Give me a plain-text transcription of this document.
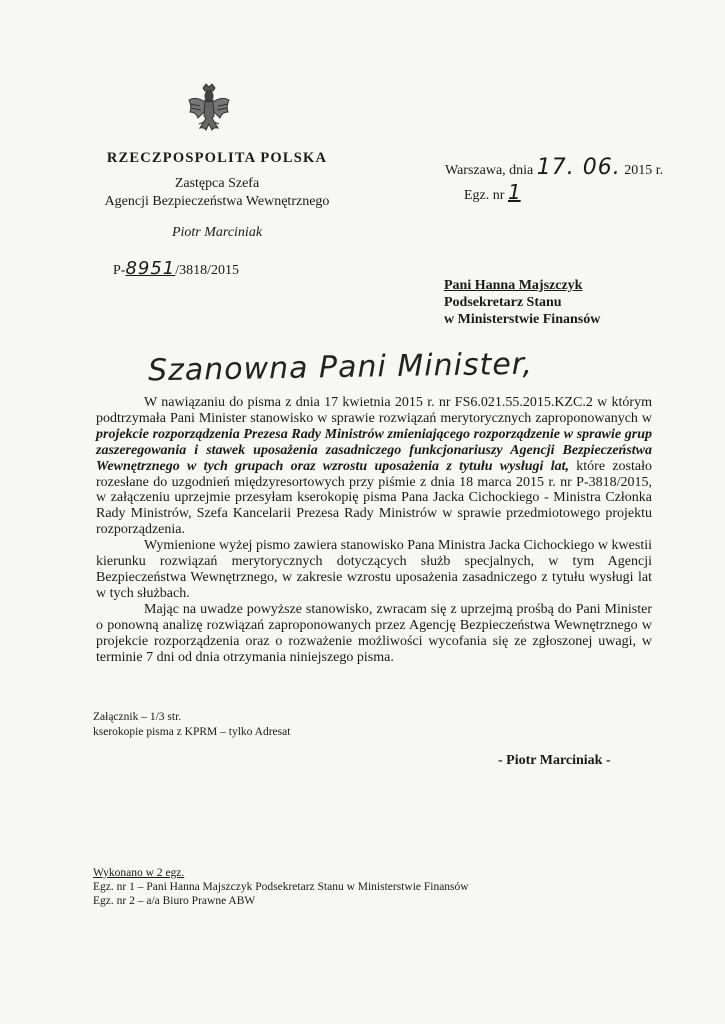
RZECZPOSPOLITA POLSKA
Zastępca Szefa
Agencji Bezpieczeństwa Wewnętrznego
Piotr Marciniak
P-8951/3818/2015
Warszawa, dnia 17. 06. 2015 r.
Egz. nr 1
Pani Hanna Majszczyk
Podsekretarz Stanu
w Ministerstwie Finansów
Szanowna Pani Minister,

W nawiązaniu do pisma z dnia 17 kwietnia 2015 r. nr FS6.021.55.2015.KZC.2 w którym podtrzymała Pani Minister stanowisko w sprawie rozwiązań merytorycznych zaproponowanych w projekcie rozporządzenia Prezesa Rady Ministrów zmieniającego rozporządzenie w sprawie grup zaszeregowania i stawek uposażenia zasadniczego funkcjonariuszy Agencji Bezpieczeństwa Wewnętrznego w tych grupach oraz wzrostu uposażenia z tytułu wysługi lat, które zostało rozesłane do uzgodnień międzyresortowych przy piśmie z dnia 18 marca 2015 r. nr P-3818/2015, w załączeniu uprzejmie przesyłam kserokopię pisma Pana Jacka Cichockiego - Ministra Członka Rady Ministrów, Szefa Kancelarii Prezesa Rady Ministrów w sprawie przedmiotowego projektu rozporządzenia.

Wymienione wyżej pismo zawiera stanowisko Pana Ministra Jacka Cichockiego w kwestii kierunku rozwiązań merytorycznych dotyczących służb specjalnych, w tym Agencji Bezpieczeństwa Wewnętrznego, w zakresie wzrostu uposażenia zasadniczego z tytułu wysługi lat w tych służbach.

Mając na uwadze powyższe stanowisko, zwracam się z uprzejmą prośbą do Pani Minister o ponowną analizę rozwiązań zaproponowanych przez Agencję Bezpieczeństwa Wewnętrznego w projekcie rozporządzenia oraz o rozważenie możliwości wycofania się ze zgłoszonej uwagi, w terminie 7 dni od dnia otrzymania niniejszego pisma.

Załącznik – 1/3 str.
kserokopie pisma z KPRM – tylko Adresat
- Piotr Marciniak -
Wykonano w 2 egz.
Egz. nr 1 – Pani Hanna Majszczyk Podsekretarz Stanu w Ministerstwie Finansów
Egz. nr 2 – a/a Biuro Prawne ABW
